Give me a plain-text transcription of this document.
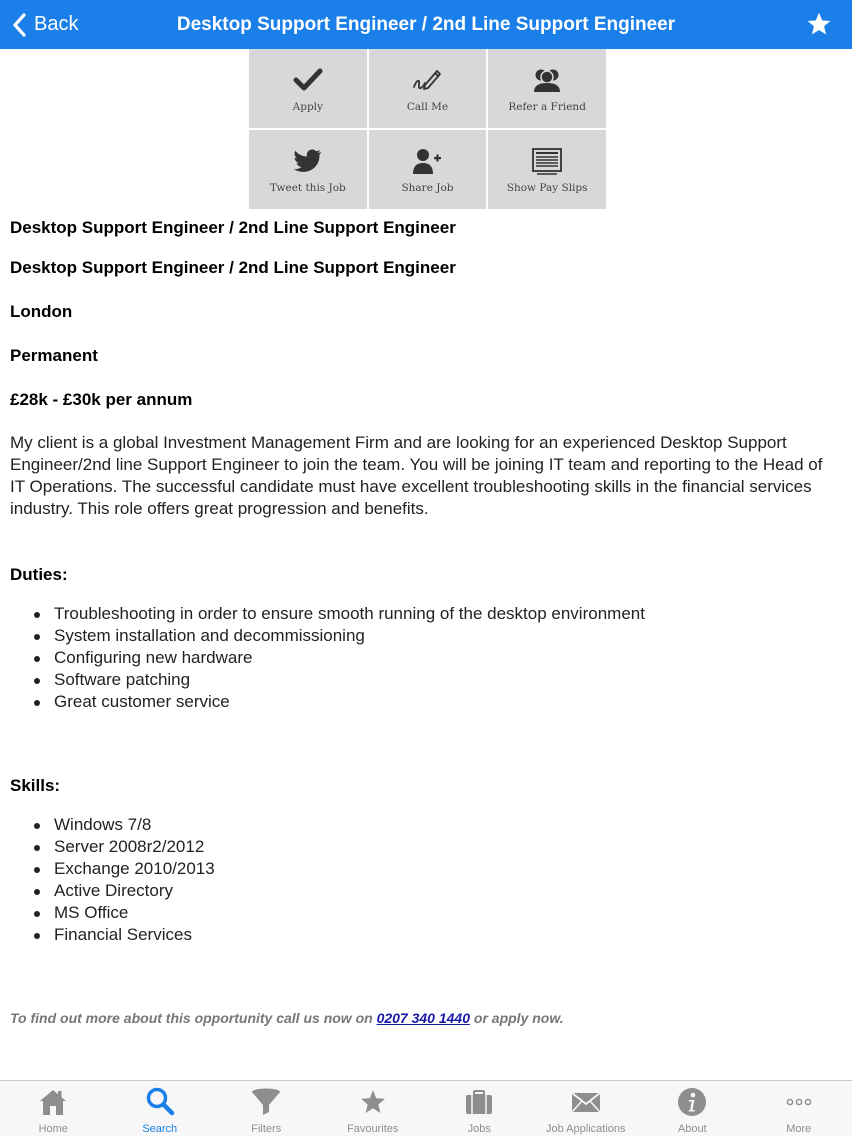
Back	Desktop Support Engineer / 2nd Line Support Engineer
Apply	Call Me	Refer a Friend
Tweet this Job	Share Job	Show Pay Slips
Desktop Support Engineer / 2nd Line Support Engineer
Desktop Support Engineer / 2nd Line Support Engineer
London
Permanent
£28k - £30k per annum
My client is a global Investment Management Firm and are looking for an experienced Desktop Support Engineer/2nd line Support Engineer to join the team. You will be joining IT team and reporting to the Head of IT Operations. The successful candidate must have excellent troubleshooting skills in the financial services industry. This role offers great progression and benefits.
Duties:
Troubleshooting in order to ensure smooth running of the desktop environment
System installation and decommissioning
Configuring new hardware
Software patching
Great customer service
Skills:
Windows 7/8
Server 2008r2/2012
Exchange 2010/2013
Active Directory
MS Office
Financial Services
To find out more about this opportunity call us now on 0207 340 1440 or apply now.
Home	Search	Filters	Favourites	Jobs	Job Applications	About	More
